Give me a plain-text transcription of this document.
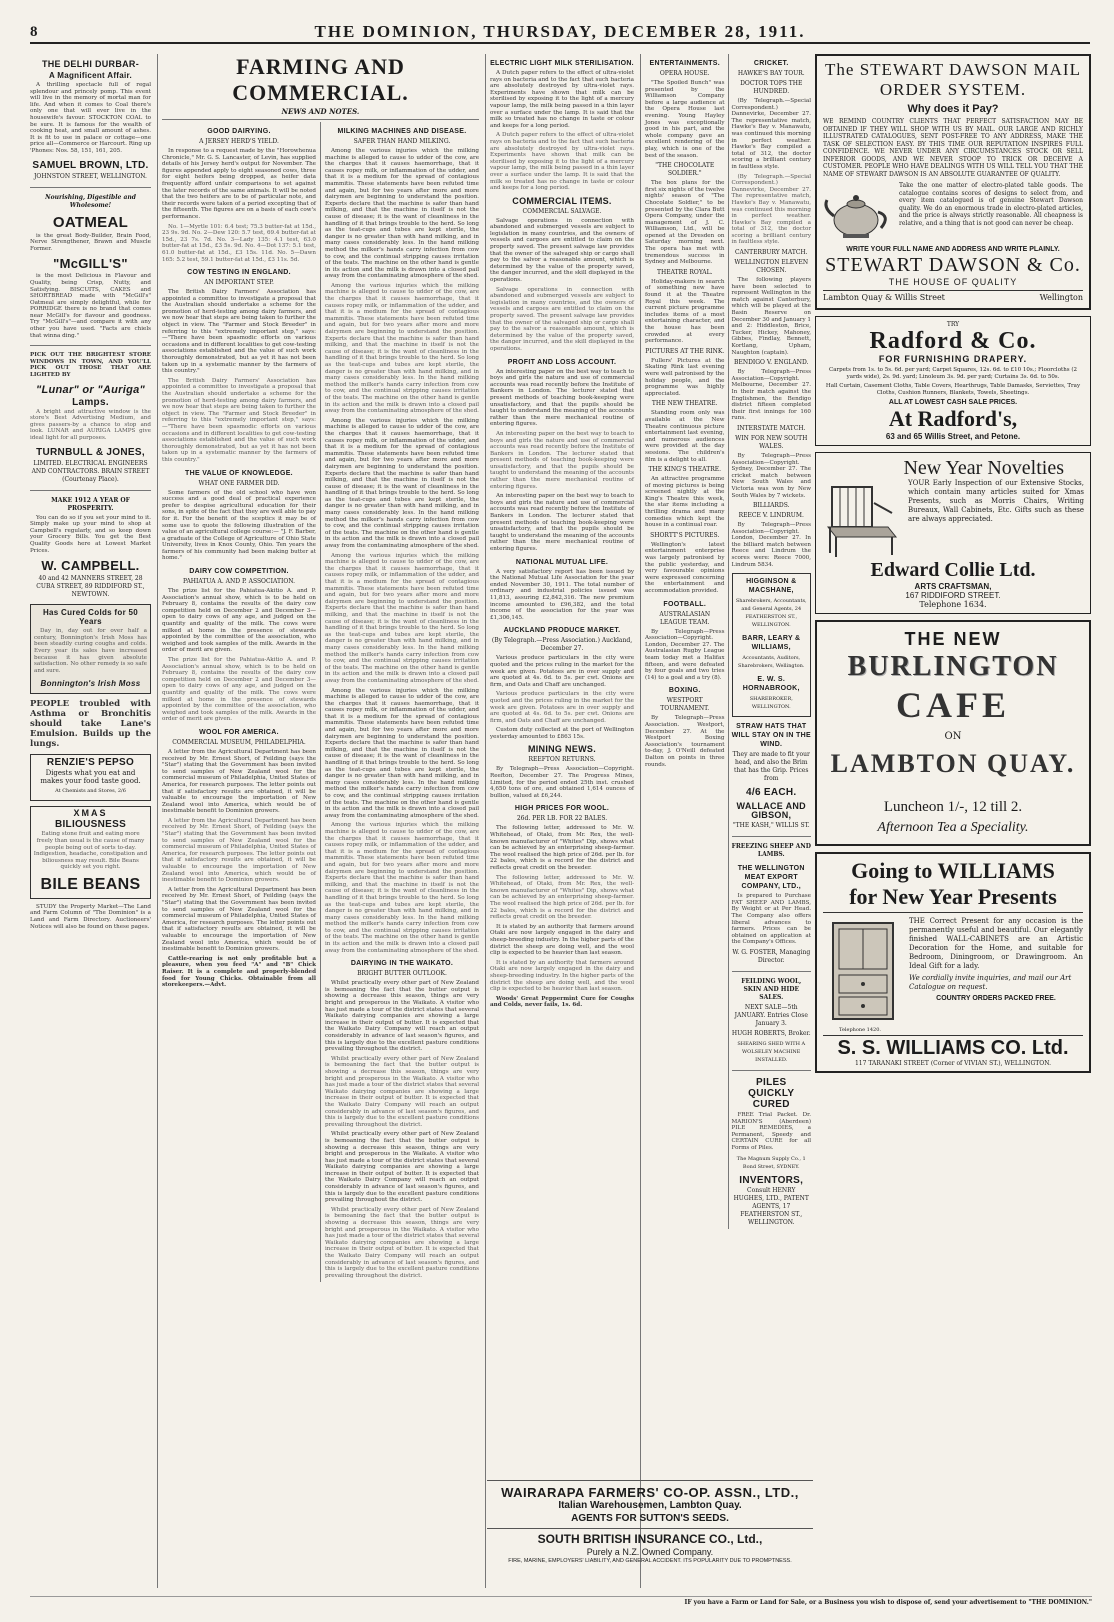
8	THE DOMINION, THURSDAY, DECEMBER 28, 1911.
THE DELHI DURBAR-
A Magnificent Affair.
A thrilling spectacle full of regal splendour and princely pomp. This event will live in the memory of mortal man for life. And when it comes to Coal there's only one that will ever live in the housewife's favour. STOCKTON COAL to be sure. It is famous for the wealth of cooking heat, and small amount of ashes. It is fit to use in palace or cottage—one price all—Commerce or Harcourt. Ring up 'Phones: Nos. 58, 151, 161, 205.
SAMUEL BROWN, LTD.
JOHNSTON STREET, WELLINGTON.
Nourishing, Digestible and Wholesome!
OATMEAL
is the great Body-Builder, Brain Food, Nerve Strengthener, Brawn and Muscle Former.
"McGILL'S"
is the most Delicious in Flavour and Quality, being Crisp, Nutty, and Satisfying. BISCUITS, CAKES and SHORTBREAD made with "McGill's" Oatmeal are simply delightful, while for PORRIDGE there is no brand that comes near McGill's for flavour and goodness. Try "McGill's"—and compare it with any other you have used. "Facts are chiels that winna ding."
PICK OUT THE BRIGHTEST STORE WINDOWS IN TOWN, AND YOU'LL PICK OUT THOSE THAT ARE LIGHTED BY
"Lunar" or "Auriga"
Lamps.
A bright and attractive window is the store's Best Advertising Medium, and gives passers-by a chance to stop and look. LUNAR and AURIGA LAMPS give ideal light for all purposes.
TURNBULL & JONES,
LIMITED. ELECTRICAL ENGINEERS AND CONTRACTORS. BRAIN STREET (Courtenay Place).
MAKE 1912 A YEAR OF PROSPERITY.
You can do so if you set your mind to it. Simply make up your mind to shop at Campbell's regularly, and so keep down your Grocery Bills. You get the Best Quality Goods here at Lowest Market Prices.
W. CAMPBELL.
40 and 42 MANNERS STREET, 28 CUBA STREET, 89 RIDDIFORD ST., NEWTOWN.
Has Cured Colds for 50 Years
Day in, day out for over half a century, Bonnington's Irish Moss has been steadily curing coughs and colds. Every year its sales have increased because it has given absolute satisfaction. No other remedy is so safe and sure.
Bonnington's Irish Moss
PEOPLE troubled with Asthma or Bronchitis should take Lane's Emulsion. Builds up the lungs.
RENZIE'S PEPSO
Digests what you eat and makes your food taste good.
At Chemists and Stores, 2/6
XMAS
BILIOUSNESS
Eating stone fruit and eating more freely than usual is the cause of many people being out of sorts to-day. Indigestion, headache, constipation and biliousness may result. Bile Beans quickly set you right.
BILE BEANS
STUDY the Property Market—The Land and Farm Column of "The Dominion" is a Land and Farm Directory. Auctioneers' Notices will also be found on these pages.
FARMING AND COMMERCIAL.
NEWS AND NOTES.
GOOD DAIRYING.
A JERSEY HERD'S YIELD.
In response to a request made by the "Horowhenua Chronicle," Mr. G. S. Lancaster, of Levin, has supplied details of his Jersey herd's output for November. The figures appended apply to eight seasoned cows, three for eight heifers being dropped, as heifer data frequently afford unfair comparisons to set against the later records of the same animals. It will be noted that the two heifers are to be of particular note, and their records were taken of a period excepting that of the fifteenth. The figures are on a basis of each cow's performance.
No. 1—Myrtle 101: 6.4 test; 75.3 butter-fat at 15d., 23 9s. 9d. No. 2—Dew 120: 5.7 test, 69.4 butter-fat at 15d., 23 7s. 7d. No. 3—Lady 135: 4.1 test, 63.0 butter-fat at 15d., £3 5s. 9d. No. 4—Dot 137: 5.1 test, 61.0 butter-fat at 15d., £3 15s. 11d. No. 5—Dawn 165: 5.2 test, 59.1 butter-fat at 15d., £3 11s. 5d.
COW TESTING IN ENGLAND.
AN IMPORTANT STEP.
The British Dairy Farmers' Association has appointed a committee to investigate a proposal that the Australian should undertake a scheme for the promotion of herd-testing among dairy farmers, and we now hear that steps are being taken to further the object in view. The "Farmer and Stock Breeder" in referring to this "extremely important step," says:—"There have been spasmodic efforts on various occasions and in different localities to get cow-testing associations established and the value of such work thoroughly demonstrated, but as yet it has not been taken up in a systematic manner by the farmers of this country."
The British Dairy Farmers' Association has appointed a committee to investigate a proposal that the Australian should undertake a scheme for the promotion of herd-testing among dairy farmers, and we now hear that steps are being taken to further the object in view. The "Farmer and Stock Breeder" in referring to this "extremely important step," says:—"There have been spasmodic efforts on various occasions and in different localities to get cow-testing associations established and the value of such work thoroughly demonstrated, but as yet it has not been taken up in a systematic manner by the farmers of this country."
THE VALUE OF KNOWLEDGE.
WHAT ONE FARMER DID.
Some farmers of the old school who have won success and a good deal of practical experience prefer to despise agricultural education for their sons, in spite of the fact that they are well able to pay for it. For the benefit of the sceptics it may be of some use to quote the following illustration of the value of an agricultural college course:— "J. F. Barber, a graduate of the College of Agriculture of Ohio State University, lives in Knox County, Ohio. Ten years the farmers of his community had been making butter at home."
DAIRY COW COMPETITION.
PAHIATUA A. AND P. ASSOCIATION.
The prize list for the Pahiatua-Akitio A. and P. Association's annual show, which is to be held on February 8, contains the results of the dairy cow competition held on December 2 and December 3—open to dairy cows of any age, and judged on the quantity and quality of the milk. The cows were milked at home in the presence of stewards appointed by the committee of the association, who weighed and took samples of the milk. Awards in the order of merit are given.
The prize list for the Pahiatua-Akitio A. and P. Association's annual show, which is to be held on February 8, contains the results of the dairy cow competition held on December 2 and December 3—open to dairy cows of any age, and judged on the quantity and quality of the milk. The cows were milked at home in the presence of stewards appointed by the committee of the association, who weighed and took samples of the milk. Awards in the order of merit are given.
WOOL FOR AMERICA.
COMMERCIAL MUSEUM, PHILADELPHIA.
A letter from the Agricultural Department has been received by Mr. Ernest Short, of Feilding (says the "Star") stating that the Government has been invited to send samples of New Zealand wool for the commercial museum of Philadelphia, United States of America, for research purposes. The letter points out that if satisfactory results are obtained, it will be valuable to encourage the importation of New Zealand wool into America, which would be of inestimable benefit to Dominion growers.
A letter from the Agricultural Department has been received by Mr. Ernest Short, of Feilding (says the "Star") stating that the Government has been invited to send samples of New Zealand wool for the commercial museum of Philadelphia, United States of America, for research purposes. The letter points out that if satisfactory results are obtained, it will be valuable to encourage the importation of New Zealand wool into America, which would be of inestimable benefit to Dominion growers.
A letter from the Agricultural Department has been received by Mr. Ernest Short, of Feilding (says the "Star") stating that the Government has been invited to send samples of New Zealand wool for the commercial museum of Philadelphia, United States of America, for research purposes. The letter points out that if satisfactory results are obtained, it will be valuable to encourage the importation of New Zealand wool into America, which would be of inestimable benefit to Dominion growers.
Cattle-rearing is not only profitable but a pleasure, when you feed "A" and "B" Chick Raiser. It is a complete and properly-blended food for Young Chicks. Obtainable from all storekeepers.—Advt.
MILKING MACHINES AND DISEASE.
SAFER THAN HAND MILKING.
Among the various injuries which the milking machine is alleged to cause to udder of the cow, are the charges that it causes haemorrhage, that it causes ropey milk, or inflammation of the udder, and that it is a medium for the spread of contagious mammitis. These statements have been refuted time and again, but for two years after more and more dairymen are beginning to understand the position. Experts declare that the machine is safer than hand milking, and that the machine in itself is not the cause of disease; it is the want of cleanliness in the handling of it that brings trouble to the herd. So long as the teat-cups and tubes are kept sterile, the danger is no greater than with hand milking, and in many cases considerably less. In the hand milking method the milker's hands carry infection from cow to cow, and the continual stripping causes irritation of the teats. The machine on the other hand is gentle in its action and the milk is drawn into a closed pail away from the contaminating atmosphere of the shed.
Among the various injuries which the milking machine is alleged to cause to udder of the cow, are the charges that it causes haemorrhage, that it causes ropey milk, or inflammation of the udder, and that it is a medium for the spread of contagious mammitis. These statements have been refuted time and again, but for two years after more and more dairymen are beginning to understand the position. Experts declare that the machine is safer than hand milking, and that the machine in itself is not the cause of disease; it is the want of cleanliness in the handling of it that brings trouble to the herd. So long as the teat-cups and tubes are kept sterile, the danger is no greater than with hand milking, and in many cases considerably less. In the hand milking method the milker's hands carry infection from cow to cow, and the continual stripping causes irritation of the teats. The machine on the other hand is gentle in its action and the milk is drawn into a closed pail away from the contaminating atmosphere of the shed.
Among the various injuries which the milking machine is alleged to cause to udder of the cow, are the charges that it causes haemorrhage, that it causes ropey milk, or inflammation of the udder, and that it is a medium for the spread of contagious mammitis. These statements have been refuted time and again, but for two years after more and more dairymen are beginning to understand the position. Experts declare that the machine is safer than hand milking, and that the machine in itself is not the cause of disease; it is the want of cleanliness in the handling of it that brings trouble to the herd. So long as the teat-cups and tubes are kept sterile, the danger is no greater than with hand milking, and in many cases considerably less. In the hand milking method the milker's hands carry infection from cow to cow, and the continual stripping causes irritation of the teats. The machine on the other hand is gentle in its action and the milk is drawn into a closed pail away from the contaminating atmosphere of the shed.
Among the various injuries which the milking machine is alleged to cause to udder of the cow, are the charges that it causes haemorrhage, that it causes ropey milk, or inflammation of the udder, and that it is a medium for the spread of contagious mammitis. These statements have been refuted time and again, but for two years after more and more dairymen are beginning to understand the position. Experts declare that the machine is safer than hand milking, and that the machine in itself is not the cause of disease; it is the want of cleanliness in the handling of it that brings trouble to the herd. So long as the teat-cups and tubes are kept sterile, the danger is no greater than with hand milking, and in many cases considerably less. In the hand milking method the milker's hands carry infection from cow to cow, and the continual stripping causes irritation of the teats. The machine on the other hand is gentle in its action and the milk is drawn into a closed pail away from the contaminating atmosphere of the shed.
Among the various injuries which the milking machine is alleged to cause to udder of the cow, are the charges that it causes haemorrhage, that it causes ropey milk, or inflammation of the udder, and that it is a medium for the spread of contagious mammitis. These statements have been refuted time and again, but for two years after more and more dairymen are beginning to understand the position. Experts declare that the machine is safer than hand milking, and that the machine in itself is not the cause of disease; it is the want of cleanliness in the handling of it that brings trouble to the herd. So long as the teat-cups and tubes are kept sterile, the danger is no greater than with hand milking, and in many cases considerably less. In the hand milking method the milker's hands carry infection from cow to cow, and the continual stripping causes irritation of the teats. The machine on the other hand is gentle in its action and the milk is drawn into a closed pail away from the contaminating atmosphere of the shed.
Among the various injuries which the milking machine is alleged to cause to udder of the cow, are the charges that it causes haemorrhage, that it causes ropey milk, or inflammation of the udder, and that it is a medium for the spread of contagious mammitis. These statements have been refuted time and again, but for two years after more and more dairymen are beginning to understand the position. Experts declare that the machine is safer than hand milking, and that the machine in itself is not the cause of disease; it is the want of cleanliness in the handling of it that brings trouble to the herd. So long as the teat-cups and tubes are kept sterile, the danger is no greater than with hand milking, and in many cases considerably less. In the hand milking method the milker's hands carry infection from cow to cow, and the continual stripping causes irritation of the teats. The machine on the other hand is gentle in its action and the milk is drawn into a closed pail away from the contaminating atmosphere of the shed.
DAIRYING IN THE WAIKATO.
BRIGHT BUTTER OUTLOOK.
Whilst practically every other part of New Zealand is bemoaning the fact that the butter output is showing a decrease this season, things are very bright and prosperous in the Waikato. A visitor who has just made a tour of the district states that several Waikato dairying companies are showing a large increase in their output of butter. It is expected that the Waikato Dairy Company will reach an output considerably in advance of last season's figures, and this is largely due to the excellent pasture conditions prevailing throughout the district.
Whilst practically every other part of New Zealand is bemoaning the fact that the butter output is showing a decrease this season, things are very bright and prosperous in the Waikato. A visitor who has just made a tour of the district states that several Waikato dairying companies are showing a large increase in their output of butter. It is expected that the Waikato Dairy Company will reach an output considerably in advance of last season's figures, and this is largely due to the excellent pasture conditions prevailing throughout the district.
Whilst practically every other part of New Zealand is bemoaning the fact that the butter output is showing a decrease this season, things are very bright and prosperous in the Waikato. A visitor who has just made a tour of the district states that several Waikato dairying companies are showing a large increase in their output of butter. It is expected that the Waikato Dairy Company will reach an output considerably in advance of last season's figures, and this is largely due to the excellent pasture conditions prevailing throughout the district.
Whilst practically every other part of New Zealand is bemoaning the fact that the butter output is showing a decrease this season, things are very bright and prosperous in the Waikato. A visitor who has just made a tour of the district states that several Waikato dairying companies are showing a large increase in their output of butter. It is expected that the Waikato Dairy Company will reach an output considerably in advance of last season's figures, and this is largely due to the excellent pasture conditions prevailing throughout the district.
ELECTRIC LIGHT MILK STERILISATION.
A Dutch paper refers to the effect of ultra-violet rays on bacteria and to the fact that such bacteria are absolutely destroyed by ultra-violet rays. Experiments have shown that milk can be sterilised by exposing it to the light of a mercury vapour lamp, the milk being passed in a thin layer over a surface under the lamp. It is said that the milk so treated has no change in taste or colour and keeps for a long period.
A Dutch paper refers to the effect of ultra-violet rays on bacteria and to the fact that such bacteria are absolutely destroyed by ultra-violet rays. Experiments have shown that milk can be sterilised by exposing it to the light of a mercury vapour lamp, the milk being passed in a thin layer over a surface under the lamp. It is said that the milk so treated has no change in taste or colour and keeps for a long period.
COMMERCIAL ITEMS.
COMMERCIAL SALVAGE.
Salvage operations in connection with abandoned and submerged vessels are subject to legislation in many countries, and the owners of vessels and cargoes are entitled to claim on the property saved. The present salvage law provides that the owner of the salvaged ship or cargo shall pay to the salvor a reasonable amount, which is determined by the value of the property saved, the danger incurred, and the skill displayed in the operations.
Salvage operations in connection with abandoned and submerged vessels are subject to legislation in many countries, and the owners of vessels and cargoes are entitled to claim on the property saved. The present salvage law provides that the owner of the salvaged ship or cargo shall pay to the salvor a reasonable amount, which is determined by the value of the property saved, the danger incurred, and the skill displayed in the operations.
PROFIT AND LOSS ACCOUNT.
An interesting paper on the best way to teach to boys and girls the nature and use of commercial accounts was read recently before the Institute of Bankers in London. The lecturer stated that present methods of teaching book-keeping were unsatisfactory, and that the pupils should be taught to understand the meaning of the accounts rather than the mere mechanical routine of entering figures.
An interesting paper on the best way to teach to boys and girls the nature and use of commercial accounts was read recently before the Institute of Bankers in London. The lecturer stated that present methods of teaching book-keeping were unsatisfactory, and that the pupils should be taught to understand the meaning of the accounts rather than the mere mechanical routine of entering figures.
An interesting paper on the best way to teach to boys and girls the nature and use of commercial accounts was read recently before the Institute of Bankers in London. The lecturer stated that present methods of teaching book-keeping were unsatisfactory, and that the pupils should be taught to understand the meaning of the accounts rather than the mere mechanical routine of entering figures.
NATIONAL MUTUAL LIFE.
A very satisfactory report has been issued by the National Mutual Life Association for the year ended November 30, 1911. The total number of ordinary and industrial policies issued was 11,813, assuring £2,842,316. The new premium income amounted to £96,382, and the total income of the association for the year was £1,306,145.
AUCKLAND PRODUCE MARKET.
(By Telegraph.—Press Association.) Auckland, December 27.
Various produce particulars in the city were quoted and the prices ruling in the market for the week are given. Potatoes are in over supply and are quoted at 4s. 6d. to 5s. per cwt. Onions are firm, and Oats and Chaff are unchanged.
Various produce particulars in the city were quoted and the prices ruling in the market for the week are given. Potatoes are in over supply and are quoted at 4s. 6d. to 5s. per cwt. Onions are firm, and Oats and Chaff are unchanged.
Custom duty collected at the port of Wellington yesterday amounted to £863 15s.
MINING NEWS.
REEFTON RETURNS.
By Telegraph—Press Association—Copyright. Reefton, December 27. The Progress Mines, Limited, for the period ended 25th inst. crushed 4,650 tons of ore, and obtained 1,614 ounces of bullion, valued at £6,244.
HIGH PRICES FOR WOOL.
26d. PER LB. FOR 22 BALES.
The following letter, addressed to Mr. W. Whitehead, of Otaki, from Mr. Rex, the well-known manufacturer of "Whites" Dip, shows what can be achieved by an enterprising sheep-farmer. The wool realised the high price of 26d. per lb. for 22 bales, which is a record for the district and reflects great credit on the breeder.
The following letter, addressed to Mr. W. Whitehead, of Otaki, from Mr. Rex, the well-known manufacturer of "Whites" Dip, shows what can be achieved by an enterprising sheep-farmer. The wool realised the high price of 26d. per lb. for 22 bales, which is a record for the district and reflects great credit on the breeder.
It is stated by an authority that farmers around Otaki are now largely engaged in the dairy and sheep-breeding industry. In the higher parts of the district the sheep are doing well, and the wool clip is expected to be heavier than last season.
It is stated by an authority that farmers around Otaki are now largely engaged in the dairy and sheep-breeding industry. In the higher parts of the district the sheep are doing well, and the wool clip is expected to be heavier than last season.
Woods' Great Peppermint Cure for Coughs and Colds, never fails, 1s. 6d.
ENTERTAINMENTS.
OPERA HOUSE.
"The Spoiled Bunch" was presented by the Williamson Company before a large audience at the Opera House last evening. Young Hayley Jones was exceptionally good in his part, and the whole company gave an excellent rendering of the play, which is one of the best of the season.
"THE CHOCOLATE SOLDIER."
The box plans for the first six nights of the twelve nights' season of "The Chocolate Soldier," to be presented by the Clara Butt Opera Company, under the management of J. C. Williamson, Ltd., will be opened at the Dresden on Saturday morning next. The opera has met with tremendous success in Sydney and Melbourne.
THEATRE ROYAL.
Holiday-makers in search of something new have found it at the Theatre Royal this week. The current picture programme includes items of a most entertaining character, and the house has been crowded at every performance.
PICTURES AT THE RINK.
Fullers' Pictures at the Skating Rink last evening were well patronised by the holiday people, and the programme was highly appreciated.
THE NEW THEATRE.
Standing room only was available at the New Theatre continuous picture entertainment last evening, and numerous audiences were provided at the day sessions. The children's film is a delight to all.
THE KING'S THEATRE.
An attractive programme of moving pictures is being screened nightly at the King's Theatre this week, the star items including a thrilling drama and many comedies which kept the house in a continual roar.
SHORTT'S PICTURES.
Wellington's latest entertainment enterprise was largely patronised by the public yesterday, and very favourable opinions were expressed concerning the entertainment and accommodation provided.
FOOTBALL.
AUSTRALASIAN LEAGUE TEAM.
By Telegraph—Press Association—Copyright. London, December 27. The Australasian Rugby League team today met a Halifax fifteen, and were defeated by four goals and two tries (14) to a goal and a try (8).
BOXING.
WESTPORT TOURNAMENT.
By Telegraph—Press Association. Westport, December 27. At the Westport Boxing Association's tournament to-day, J. O'Neill defeated Dalton on points in three rounds.
CRICKET.
HAWKE'S BAY TOUR.
DOCTOR TOPS THE HUNDRED.
(By Telegraph.—Special Correspondent.) Dannevirke, December 27. The representative match, Hawke's Bay v. Manawatu, was continued this morning in perfect weather. Hawke's Bay compiled a total of 312, the doctor scoring a brilliant century in faultless style.
(By Telegraph.—Special Correspondent.) Dannevirke, December 27. The representative match, Hawke's Bay v. Manawatu, was continued this morning in perfect weather. Hawke's Bay compiled a total of 312, the doctor scoring a brilliant century in faultless style.
CANTERBURY MATCH.
WELLINGTON ELEVEN CHOSEN.
The following players have been selected to represent Wellington in the match against Canterbury, which will be played at the Basin Reserve on December 30 and January 1 and 2: Hiddleston, Brice, Tucker, Hickey, Mahoney, Gibbes, Findlay, Bennett, Kortlang, Upham, Naughton (captain).
BENDIGO V. ENGLAND.
By Telegraph—Press Association—Copyright. Melbourne, December 27. In their match against the Englishmen, the Bendigo district fifteen completed their first innings for 160 runs.
INTERSTATE MATCH.
WIN FOR NEW SOUTH WALES.
By Telegraph—Press Association—Copyright. Sydney, December 27. The cricket match between New South Wales and Victoria was won by New South Wales by 7 wickets.
BILLIARDS.
REECE V. LINDRUM.
By Telegraph—Press Association—Copyright. London, December 27. In the billiard match between Reece and Lindrum the scores were: Reece 7000, Lindrum 5834.
HIGGINSON & MACSHANE,
Sharebrokers, Accountants, and General Agents, 24 FEATHERSTON ST., WELLINGTON.
BARR, LEARY & WILLIAMS,
Accountants, Auditors, Sharebrokers, Wellington.
E. W. S. HORNABROOK,
SHAREBROKER, WELLINGTON.
STRAW HATS THAT WILL STAY ON IN THE WIND.
They are made to fit your head, and also the Brim that has the Grip. Prices from
4/6 EACH.
WALLACE AND GIBSON,
"THE KASH," WILLIS ST.
FREEZING SHEEP AND LAMBS.
THE WELLINGTON MEAT EXPORT COMPANY, LTD.,
Is prepared to Purchase FAT SHEEP AND LAMBS, By Weight or at Per Head. The Company also offers liberal advances to farmers. Prices can be obtained on application at the Company's Offices.
W. G. FOSTER, Managing Director.
FEILDING WOOL, SKIN AND HIDE SALES.
NEXT SALE—5th JANUARY. Entries Close January 3.
HUGH ROBERTS, Broker.
SHEARING SHED WITH A WOLSELEY MACHINE INSTALLED.
PILES QUICKLY CURED
FREE Trial Packet. Dr. MARION'S (Aberdeen) PILE REMEDIES, a Permanent, Speedy and CERTAIN CURE for all Forms of Piles.
The Magnum Supply Co., 1 Bond Street, SYDNEY.
INVENTORS,
Consult HENRY HUGHES, LTD., PATENT AGENTS, 17 FEATHERSTON ST., WELLINGTON.
WAIRARAPA FARMERS' CO-OP. ASSN., LTD.,
Italian Warehousemen, Lambton Quay.
AGENTS FOR SUTTON'S SEEDS.
SOUTH BRITISH INSURANCE CO., Ltd.,
Purely a N.Z. Owned Company.
FIRE, MARINE, EMPLOYERS' LIABILITY, AND GENERAL ACCIDENT. ITS POPULARITY DUE TO PROMPTNESS.
The STEWART DAWSON MAIL ORDER SYSTEM.
Why does it Pay?
WE REMIND COUNTRY CLIENTS THAT PERFECT SATISFACTION MAY BE OBTAINED IF THEY WILL SHOP WITH US BY MAIL. OUR LARGE AND RICHLY ILLUSTRATED CATALOGUES, SENT POST-FREE TO ANY ADDRESS, MAKE THE TASK OF SELECTION EASY. BY THIS TIME OUR REPUTATION INSPIRES FULL CONFIDENCE. WE NEVER UNDER ANY CIRCUMSTANCES STOCK OR SELL INFERIOR GOODS, AND WE NEVER STOOP TO TRICK OR DECEIVE A CUSTOMER. PEOPLE WHO HAVE DEALINGS WITH US WILL TELL YOU THAT THE NAME OF STEWART DAWSON IS AN ABSOLUTE GUARANTEE OF QUALITY.
Take the one matter of electro-plated table goods. The catalogue contains scores of designs to select from, and every item catalogued is of genuine Stewart Dawson quality. We do an enormous trade in electro-plated articles, and the price is always strictly reasonable. All cheapness is relative, and a thing that is not good can never be cheap.
WRITE YOUR FULL NAME AND ADDRESS AND WRITE PLAINLY.
STEWART DAWSON & Co.
THE HOUSE OF QUALITY
Lambton Quay & Willis Street	Wellington
TRY
Radford & Co.
FOR FURNISHING DRAPERY.
Carpets from 1s. to 5s. 6d. per yard; Carpet Squares, 12s. 6d. to £10 10s.; Floorcloths (2 yards wide), 2s. 9d. yard; Linoleum 3s. 9d. per yard; Curtains 3s. 6d. to 50s.
Hall Curtain, Casement Cloths, Table Covers, Hearthrugs, Table Damasks, Serviettes, Tray Cloths, Cushion Runners, Blankets, Towels, Sheetings.
ALL AT LOWEST CASH SALE PRICES.
At Radford's,
63 and 65 Willis Street, and Petone.
New Year Novelties
YOUR Early Inspection of our Extensive Stocks, which contain many articles suited for Xmas Presents, such as Morris Chairs, Writing Bureaux, Wall Cabinets, Etc. Gifts such as these are always appreciated.
Edward Collie Ltd.
ARTS CRAFTSMAN,
167 RIDDIFORD STREET.
Telephone 1634.
THE NEW
BURLINGTON
CAFE
ON
LAMBTON QUAY.
Luncheon 1/-, 12 till 2.
Afternoon Tea a Speciality.
Going to WILLIAMS
for New Year Presents
THE Correct Present for any occasion is the permanently useful and beautiful. Our elegantly finished WALL-CABINETS are an Artistic Decoration for the Home, and suitable for Bedroom, Diningroom, or Drawingroom. An Ideal Gift for a lady.
We cordially invite inquiries, and mail our Art Catalogue on request.
COUNTRY ORDERS PACKED FREE.
Telephone 1420.
S. S. WILLIAMS CO. Ltd.
117 TARANAKI STREET (Corner of VIVIAN ST.), WELLINGTON.
IF you have a Farm or Land for Sale, or a Business you wish to dispose of, send your advertisement to "THE DOMINION."
